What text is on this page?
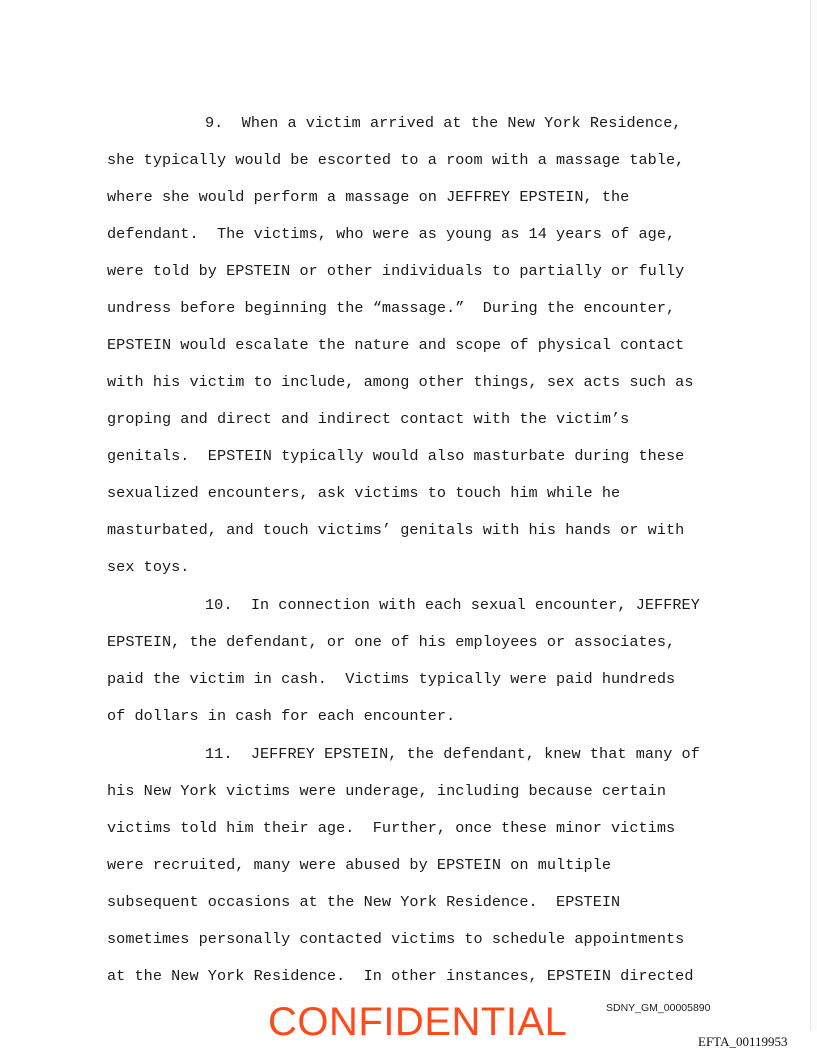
9.  When a victim arrived at the New York Residence,
she typically would be escorted to a room with a massage table,
where she would perform a massage on JEFFREY EPSTEIN, the
defendant.  The victims, who were as young as 14 years of age,
were told by EPSTEIN or other individuals to partially or fully
undress before beginning the “massage.”  During the encounter,
EPSTEIN would escalate the nature and scope of physical contact
with his victim to include, among other things, sex acts such as
groping and direct and indirect contact with the victim’s
genitals.  EPSTEIN typically would also masturbate during these
sexualized encounters, ask victims to touch him while he
masturbated, and touch victims’ genitals with his hands or with
sex toys.
10.  In connection with each sexual encounter, JEFFREY
EPSTEIN, the defendant, or one of his employees or associates,
paid the victim in cash.  Victims typically were paid hundreds
of dollars in cash for each encounter.
11.  JEFFREY EPSTEIN, the defendant, knew that many of
his New York victims were underage, including because certain
victims told him their age.  Further, once these minor victims
were recruited, many were abused by EPSTEIN on multiple
subsequent occasions at the New York Residence.  EPSTEIN
sometimes personally contacted victims to schedule appointments
at the New York Residence.  In other instances, EPSTEIN directed
CONFIDENTIAL	SDNY_GM_00005890
EFTA_00119953
